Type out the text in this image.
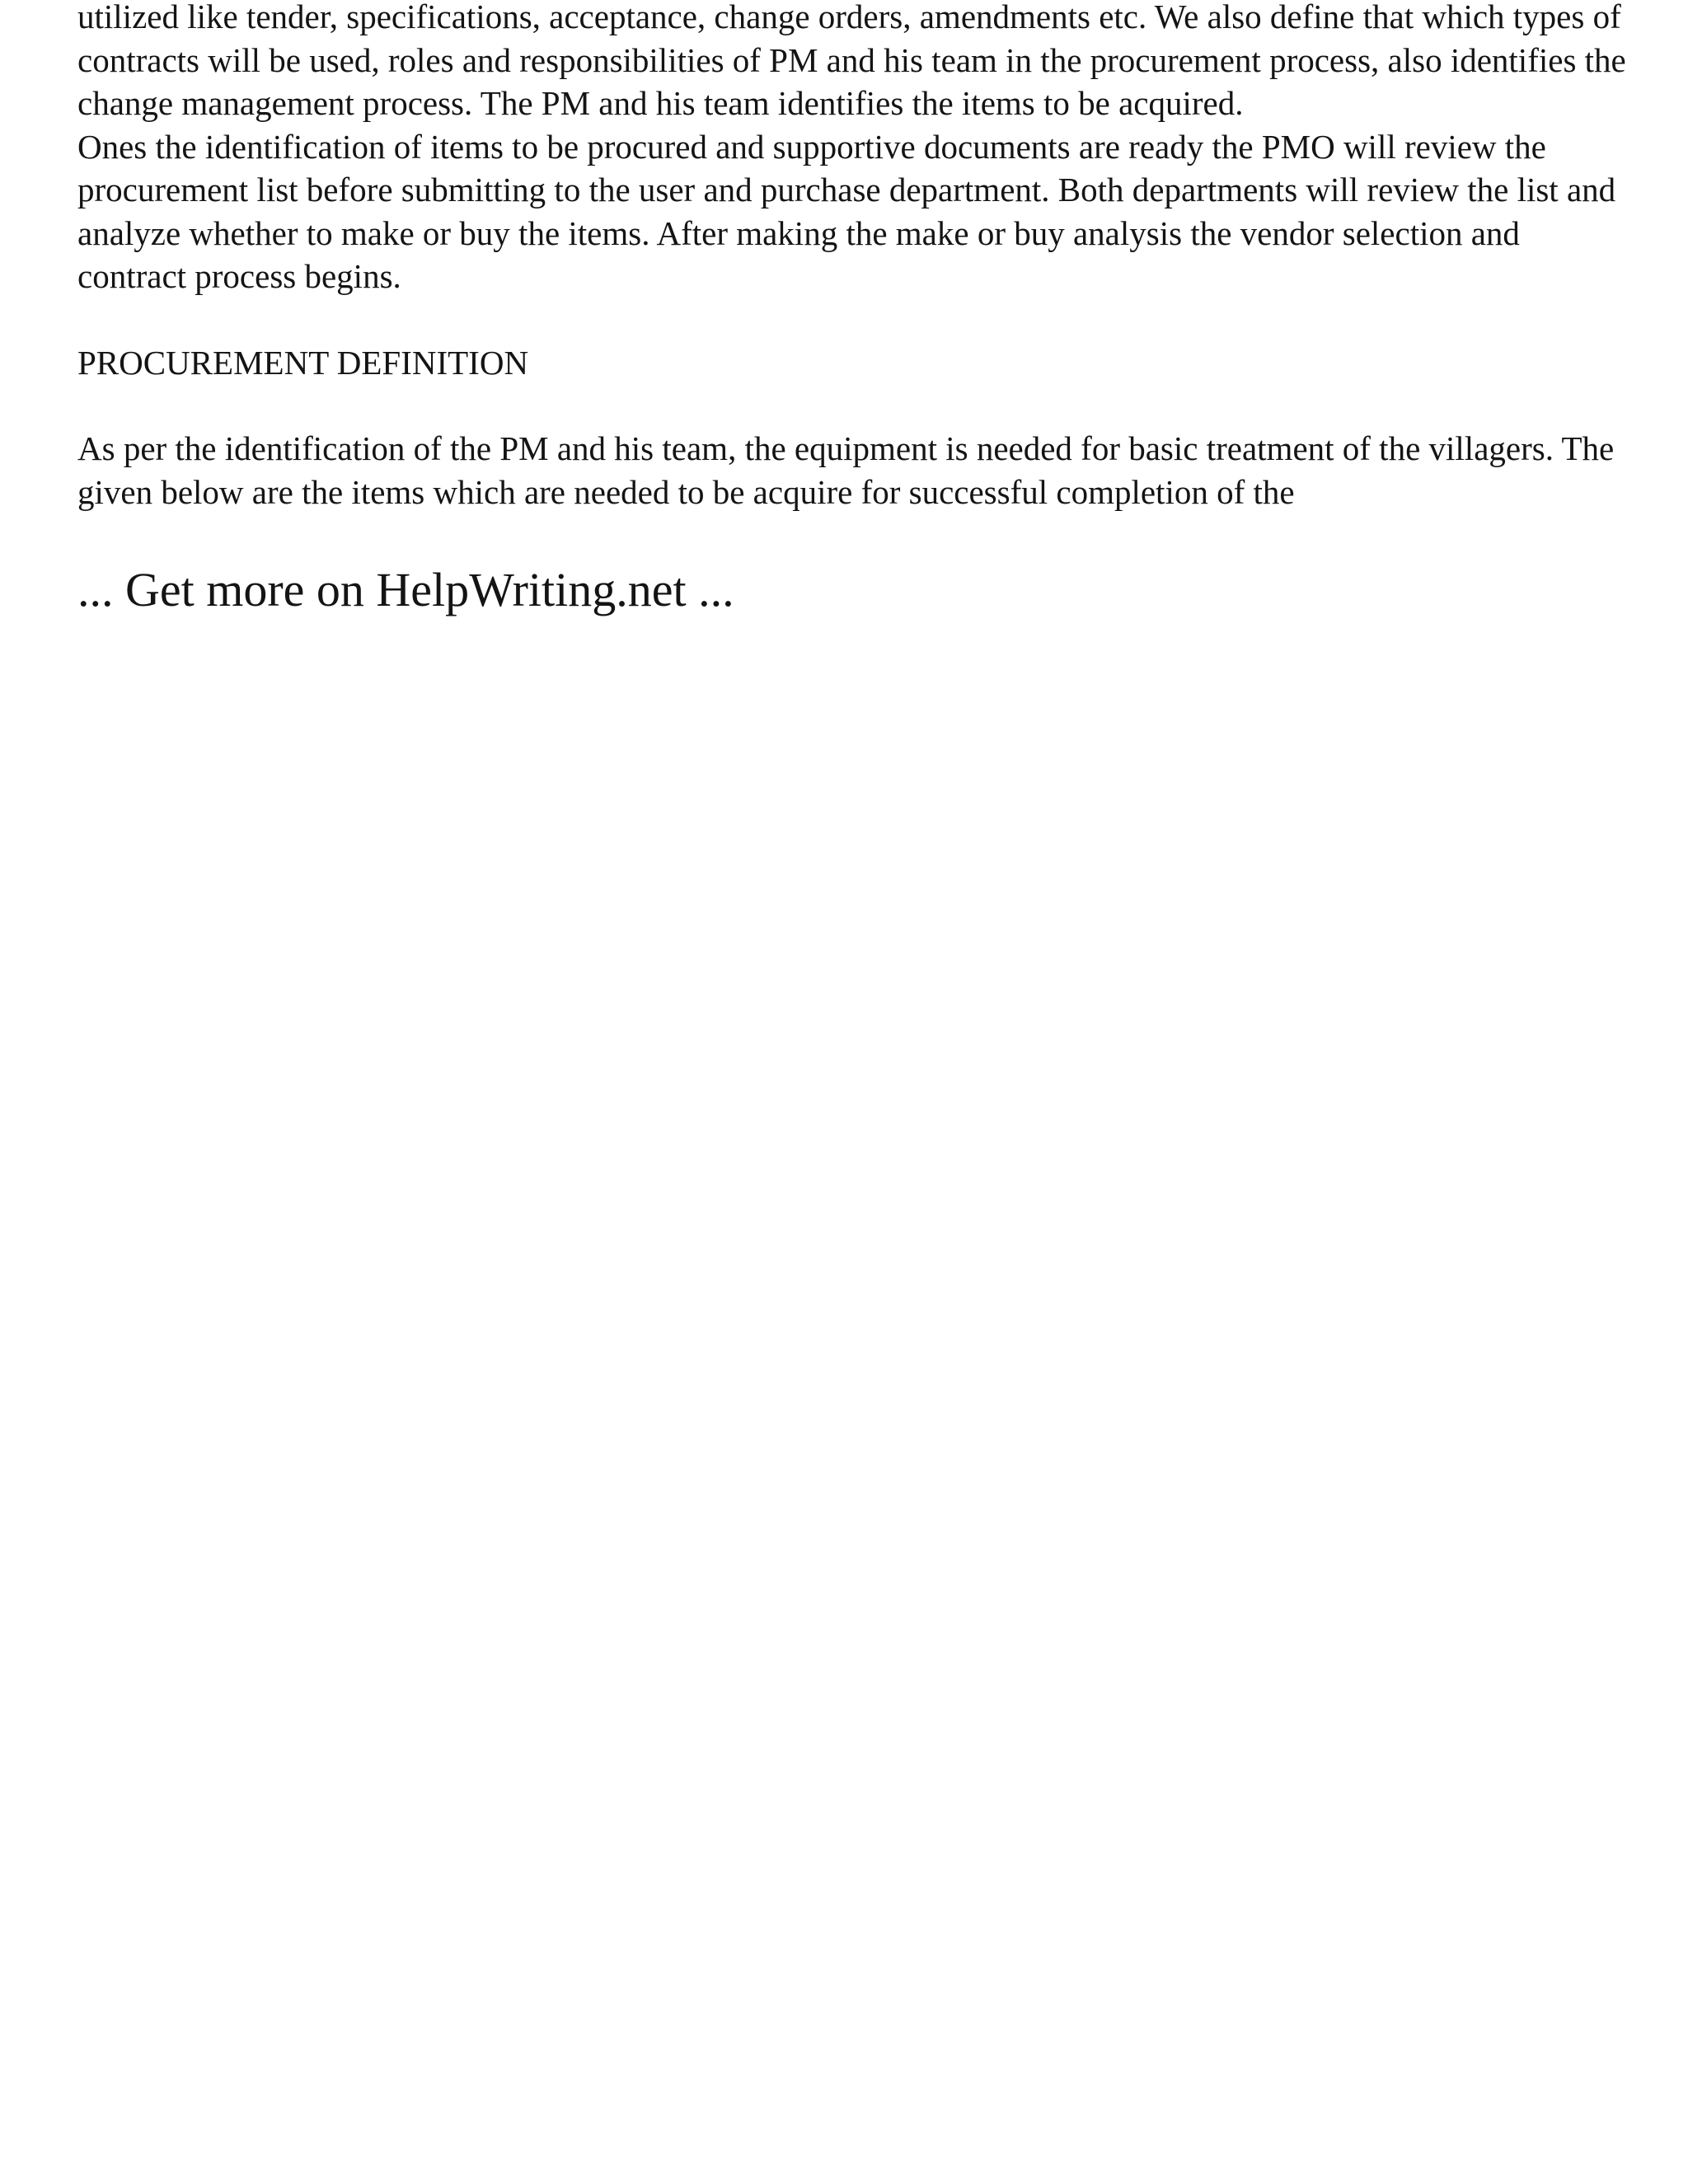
utilized like tender, specifications, acceptance, change orders, amendments etc. We also define that which types of contracts will be used, roles and responsibilities of PM and his team in the procurement process, also identifies the change management process. The PM and his team identifies the items to be acquired.

Ones the identification of items to be procured and supportive documents are ready the PMO will review the procurement list before submitting to the user and purchase department. Both departments will review the list and analyze whether to make or buy the items. After making the make or buy analysis the vendor selection and contract process begins.

PROCUREMENT DEFINITION

As per the identification of the PM and his team, the equipment is needed for basic treatment of the villagers. The given below are the items which are needed to be acquire for successful completion of the

... Get more on HelpWriting.net ...
